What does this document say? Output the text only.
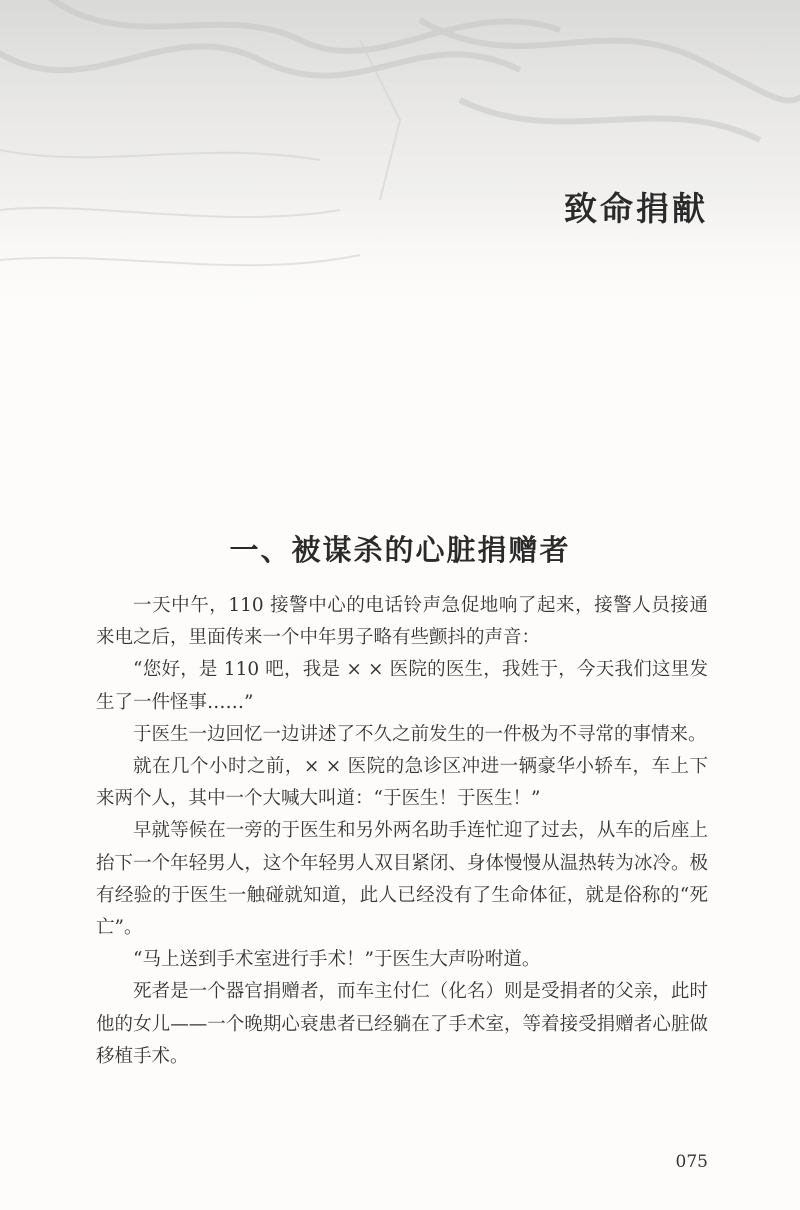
致命捐献
一、被谋杀的心脏捐赠者

一天中午，110 接警中心的电话铃声急促地响了起来，接警人员接通来电之后，里面传来一个中年男子略有些颤抖的声音：

“您好，是 110 吧，我是 × × 医院的医生，我姓于，今天我们这里发生了一件怪事……”

于医生一边回忆一边讲述了不久之前发生的一件极为不寻常的事情来。

就在几个小时之前，× × 医院的急诊区冲进一辆豪华小轿车，车上下来两个人，其中一个大喊大叫道：“于医生！于医生！”

早就等候在一旁的于医生和另外两名助手连忙迎了过去，从车的后座上抬下一个年轻男人，这个年轻男人双目紧闭、身体慢慢从温热转为冰冷。极有经验的于医生一触碰就知道，此人已经没有了生命体征，就是俗称的“死亡”。

“马上送到手术室进行手术！”于医生大声吩咐道。

死者是一个器官捐赠者，而车主付仁（化名）则是受捐者的父亲，此时他的女儿——一个晚期心衰患者已经躺在了手术室，等着接受捐赠者心脏做移植手术。

075
